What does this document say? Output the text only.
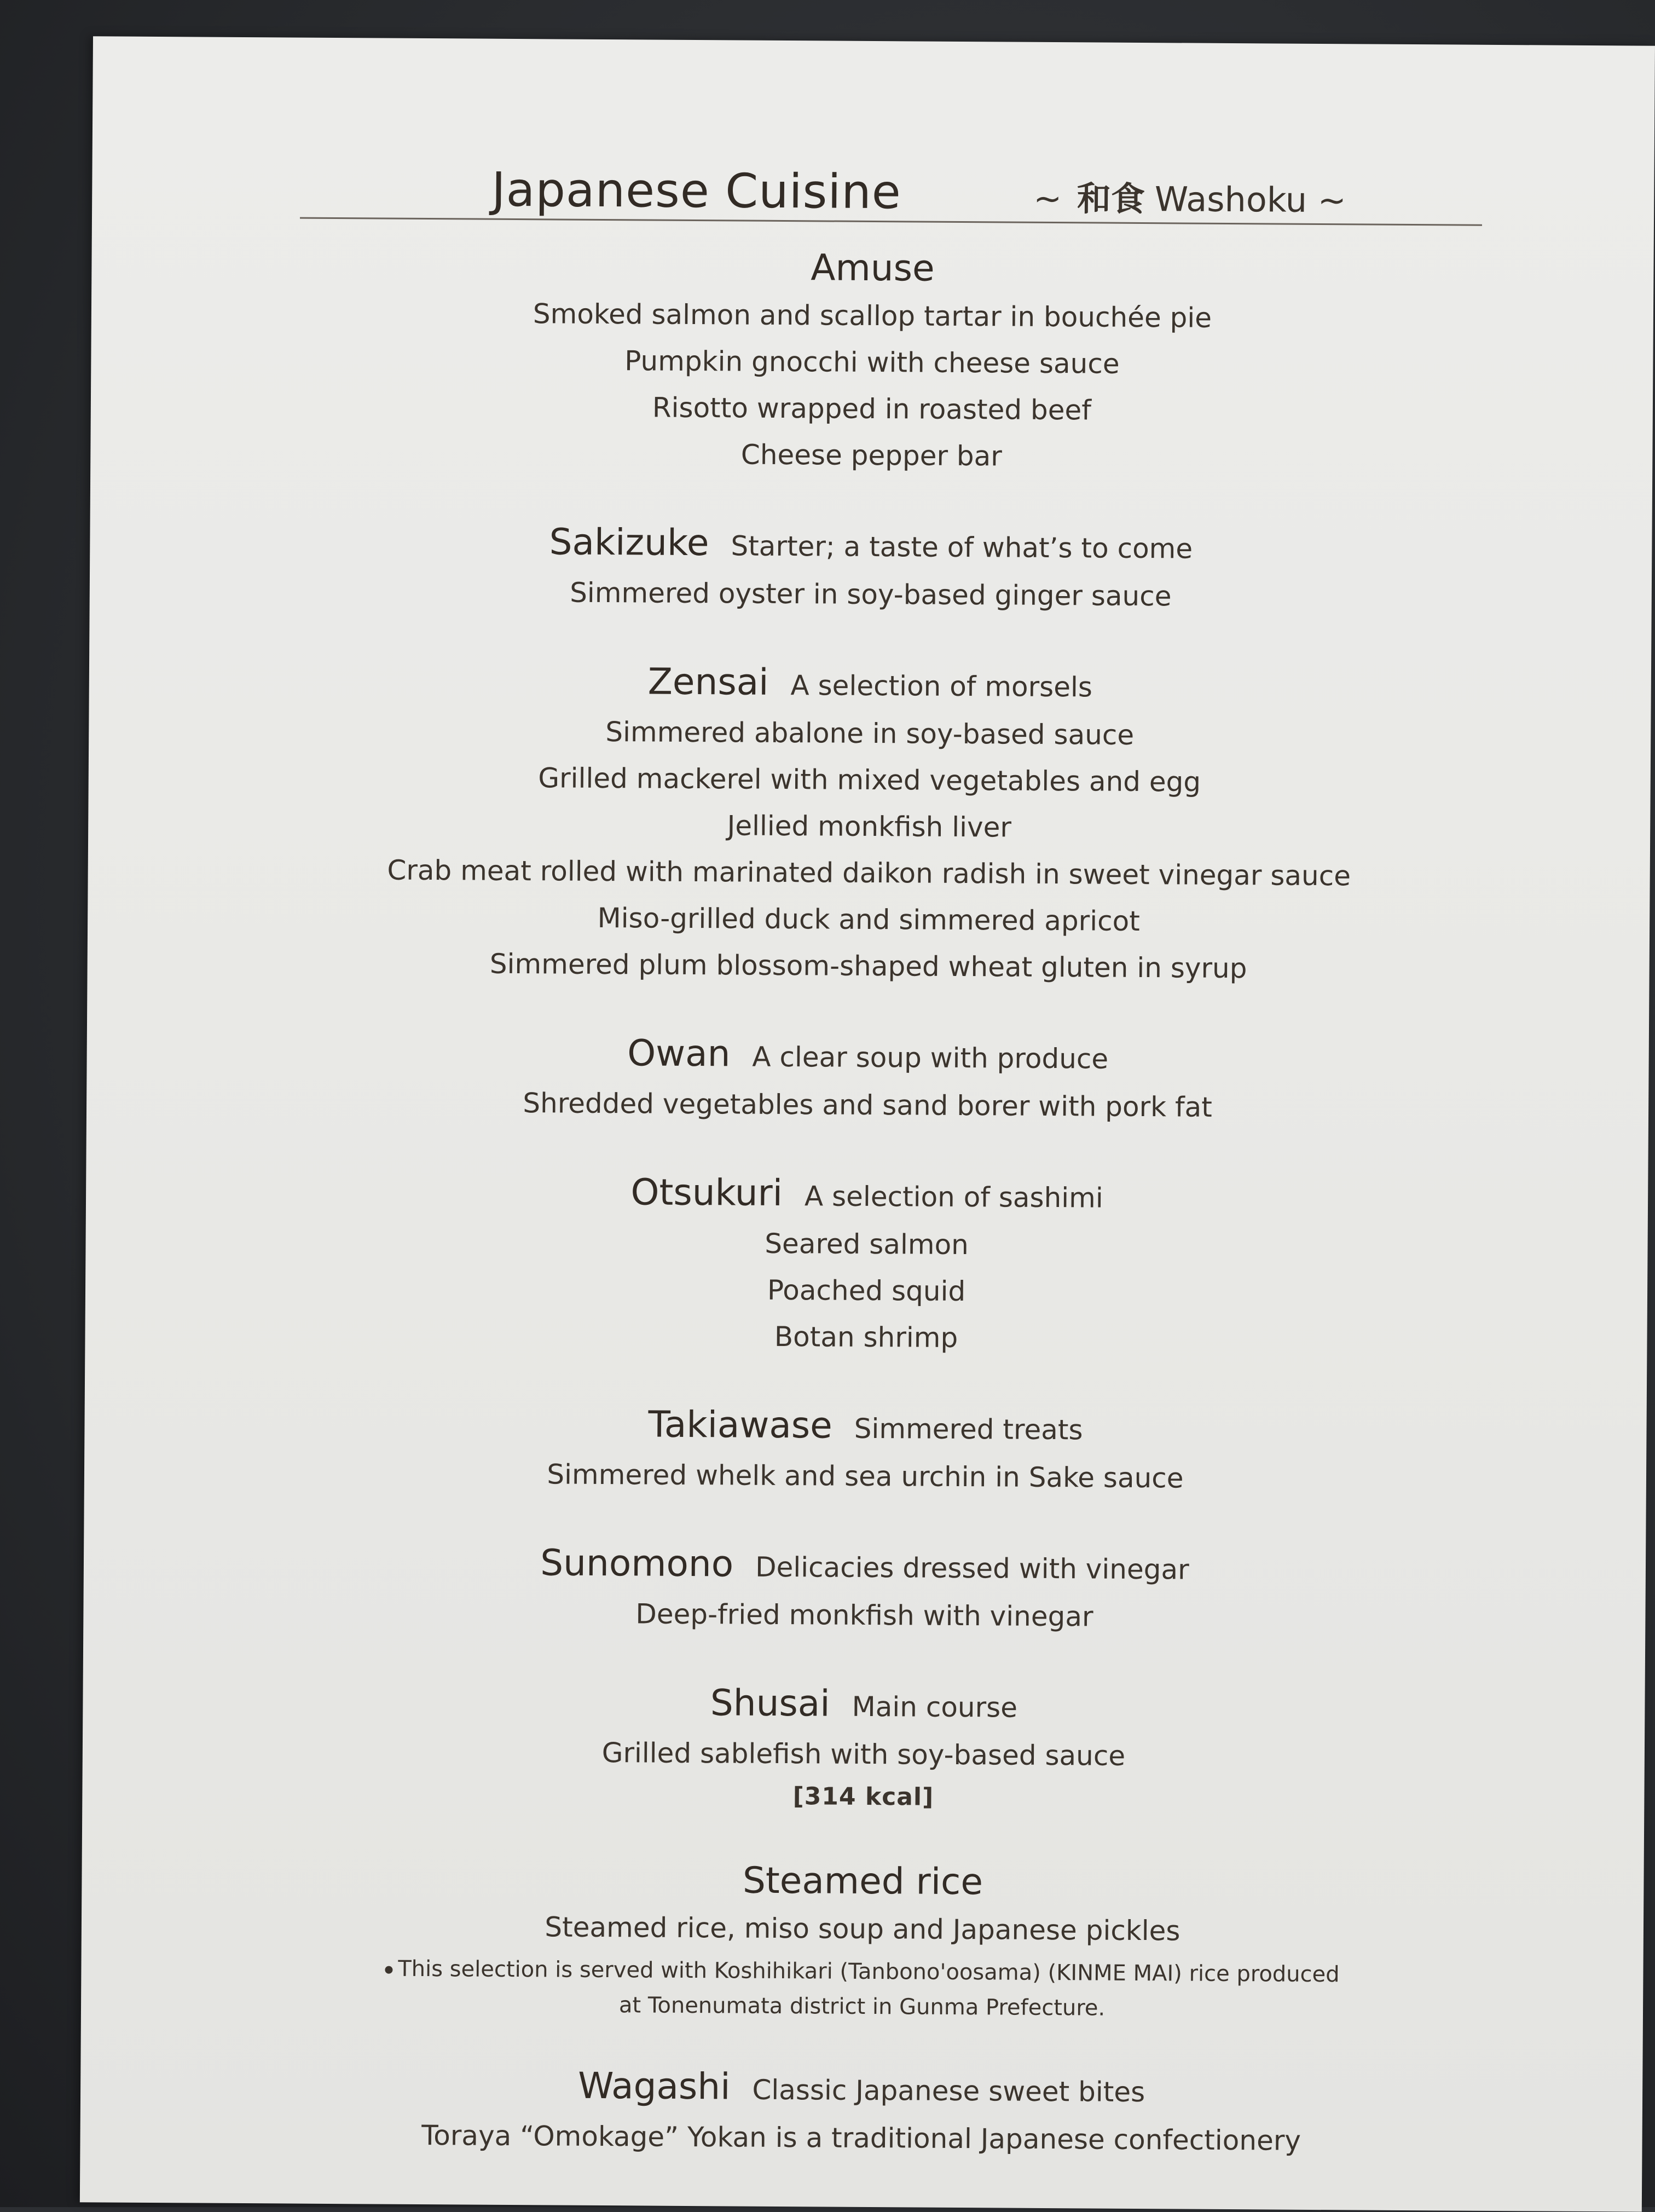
Japanese Cuisine	~ 和食 Washoku ~
Amuse
Smoked salmon and scallop tartar in bouchée pie
Pumpkin gnocchi with cheese sauce
Risotto wrapped in roasted beef
Cheese pepper bar
Sakizuke Starter; a taste of what’s to come
Simmered oyster in soy-based ginger sauce
Zensai A selection of morsels
Simmered abalone in soy-based sauce
Grilled mackerel with mixed vegetables and egg
Jellied monkfish liver
Crab meat rolled with marinated daikon radish in sweet vinegar sauce
Miso-grilled duck and simmered apricot
Simmered plum blossom-shaped wheat gluten in syrup
Owan A clear soup with produce
Shredded vegetables and sand borer with pork fat
Otsukuri A selection of sashimi
Seared salmon
Poached squid
Botan shrimp
Takiawase Simmered treats
Simmered whelk and sea urchin in Sake sauce
Sunomono Delicacies dressed with vinegar
Deep-fried monkfish with vinegar
Shusai Main course
Grilled sablefish with soy-based sauce
[314 kcal]
Steamed rice
Steamed rice, miso soup and Japanese pickles
This selection is served with Koshihikari (Tanbono'oosama) (KINME MAI) rice produced
at Tonenumata district in Gunma Prefecture.
Wagashi Classic Japanese sweet bites
Toraya “Omokage” Yokan is a traditional Japanese confectionery
